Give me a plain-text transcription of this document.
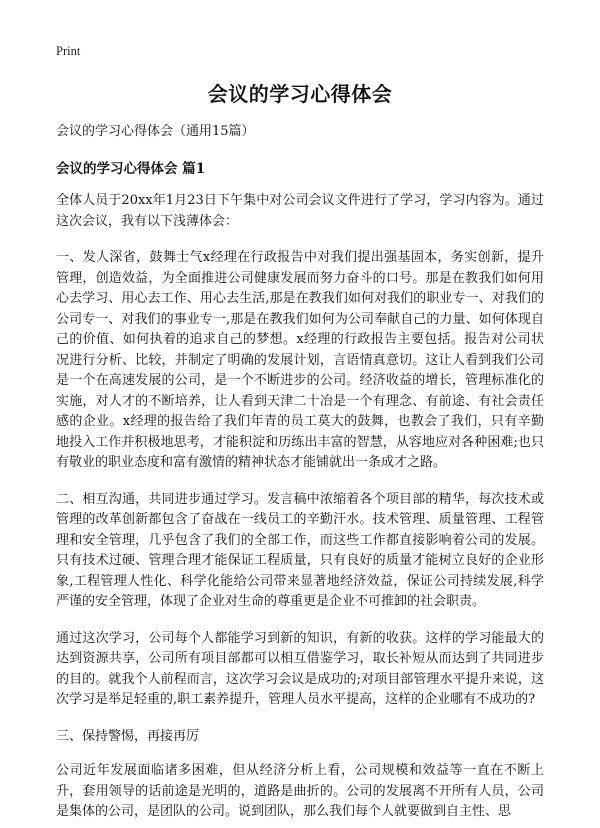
Print
会议的学习心得体会
会议的学习心得体会（通用15篇）
会议的学习心得体会 篇1

全体人员于20xx年1月23日下午集中对公司会议文件进行了学习，学习内容为。通过这次会议，我有以下浅薄体会：

一、发人深省，鼓舞士气x经理在行政报告中对我们提出强基固本，务实创新，提升管理，创造效益，为全面推进公司健康发展而努力奋斗的口号。那是在教我们如何用心去学习、用心去工作、用心去生活,那是在教我们如何对我们的职业专一、对我们的公司专一、对我们的事业专一,那是在教我们如何为公司奉献自己的力量、如何体现自己的价值、如何执着的追求自己的梦想。x经理的行政报告主要包括。报告对公司状况进行分析、比较，并制定了明确的发展计划，言语情真意切。这让人看到我们公司是一个在高速发展的公司，是一个不断进步的公司。经济收益的增长，管理标准化的实施，对人才的不断培养，让人看到天津二十冶是一个有理念、有前途、有社会责任感的企业。x经理的报告给了我们年青的员工莫大的鼓舞，也教会了我们，只有辛勤地投入工作并积极地思考，才能积淀和历练出丰富的智慧，从容地应对各种困难;也只有敬业的职业态度和富有激情的精神状态才能铺就出一条成才之路。

二、相互沟通，共同进步通过学习。发言稿中浓缩着各个项目部的精华，每次技术或管理的改革创新都包含了奋战在一线员工的辛勤汗水。技术管理、质量管理、工程管理和安全管理，几乎包含了我们的全部工作，而这些工作都直接影响着公司的发展。只有技术过硬、管理合理才能保证工程质量，只有良好的质量才能树立良好的企业形象,工程管理人性化、科学化能给公司带来显著地经济效益，保证公司持续发展,科学严谨的安全管理，体现了企业对生命的尊重更是企业不可推卸的社会职责。

通过这次学习，公司每个人都能学习到新的知识，有新的收获。这样的学习能最大的达到资源共享，公司所有项目部都可以相互借鉴学习，取长补短从而达到了共同进步的目的。就我个人前程而言，这次学习会议是成功的;对项目部管理水平提升来说，这次学习是举足轻重的,职工素养提升，管理人员水平提高，这样的企业哪有不成功的?

三、保持警惕，再接再厉

公司近年发展面临诸多困难，但从经济分析上看，公司规模和效益等一直在不断上升，套用领导的话前途是光明的，道路是曲折的。公司的发展离不开所有人员，公司是集体的公司，是团队的公司。说到团队，那么我们每个人就要做到自主性、思
